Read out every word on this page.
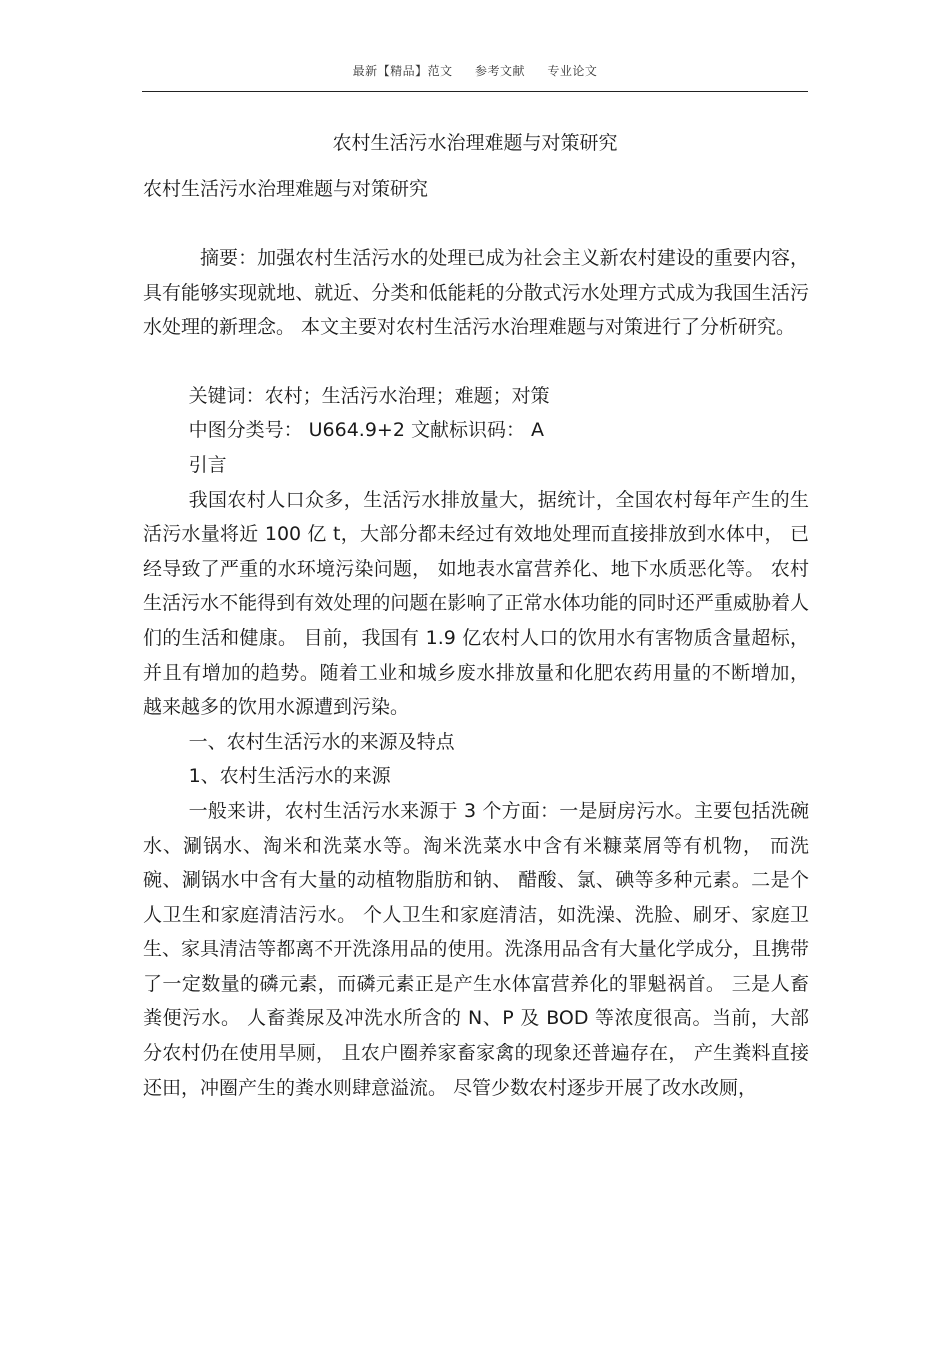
最新【精品】范文 参考文献 专业论文
农村生活污水治理难题与对策研究
农村生活污水治理难题与对策研究

摘要：加强农村生活污水的处理已成为社会主义新农村建设的重要内容，具有能够实现就地、就近、分类和低能耗的分散式污水处理方式成为我国生活污水处理的新理念。 本文主要对农村生活污水治理难题与对策进行了分析研究。

关键词：农村；生活污水治理；难题；对策

中图分类号： U664.9+2 文献标识码： A

引言

我国农村人口众多，生活污水排放量大，据统计，全国农村每年产生的生活污水量将近 100 亿 t，大部分都未经过有效地处理而直接排放到水体中， 已经导致了严重的水环境污染问题， 如地表水富营养化、地下水质恶化等。 农村生活污水不能得到有效处理的问题在影响了正常水体功能的同时还严重威胁着人们的生活和健康。 目前，我国有 1.9 亿农村人口的饮用水有害物质含量超标，并且有增加的趋势。随着工业和城乡废水排放量和化肥农药用量的不断增加， 越来越多的饮用水源遭到污染。

一、农村生活污水的来源及特点

1、农村生活污水的来源

一般来讲，农村生活污水来源于 3 个方面：一是厨房污水。主要包括洗碗水、涮锅水、淘米和洗菜水等。淘米洗菜水中含有米糠菜屑等有机物， 而洗碗、涮锅水中含有大量的动植物脂肪和钠、 醋酸、氯、碘等多种元素。二是个人卫生和家庭清洁污水。 个人卫生和家庭清洁，如洗澡、洗脸、刷牙、家庭卫生、家具清洁等都离不开洗涤用品的使用。洗涤用品含有大量化学成分，且携带了一定数量的磷元素，而磷元素正是产生水体富营养化的罪魁祸首。 三是人畜粪便污水。 人畜粪尿及冲洗水所含的 N、P 及 BOD 等浓度很高。当前，大部分农村仍在使用旱厕， 且农户圈养家畜家禽的现象还普遍存在， 产生粪料直接还田，冲圈产生的粪水则肆意溢流。 尽管少数农村逐步开展了改水改厕，
